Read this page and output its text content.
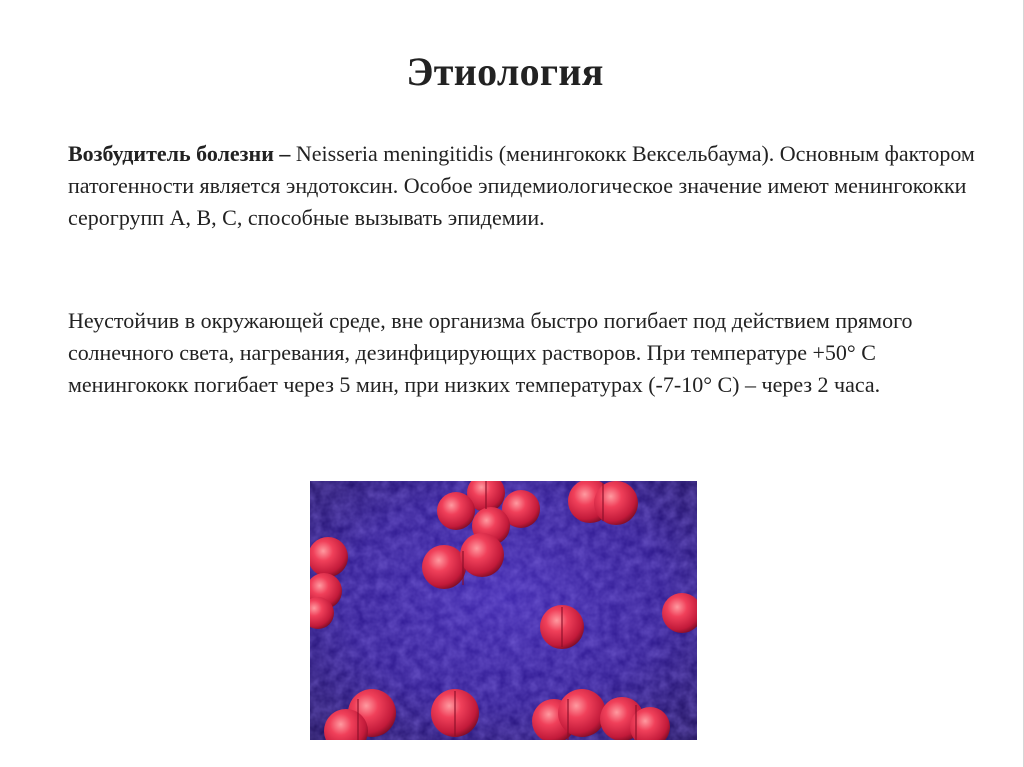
Этиология

Возбудитель болезни – Neisseria meningitidis (менингококк Вексельбаума). Основным фактором патогенности является эндотоксин. Особое эпидемиологическое значение имеют менингококки серогрупп A, B, C, способные вызывать эпидемии.

Неустойчив в окружающей среде, вне организма быстро погибает под действием прямого солнечного света, нагревания, дезинфицирующих растворов. При температуре +50° С менингококк погибает через 5 мин, при низких температурах (-7-10° С) – через 2 часа.
